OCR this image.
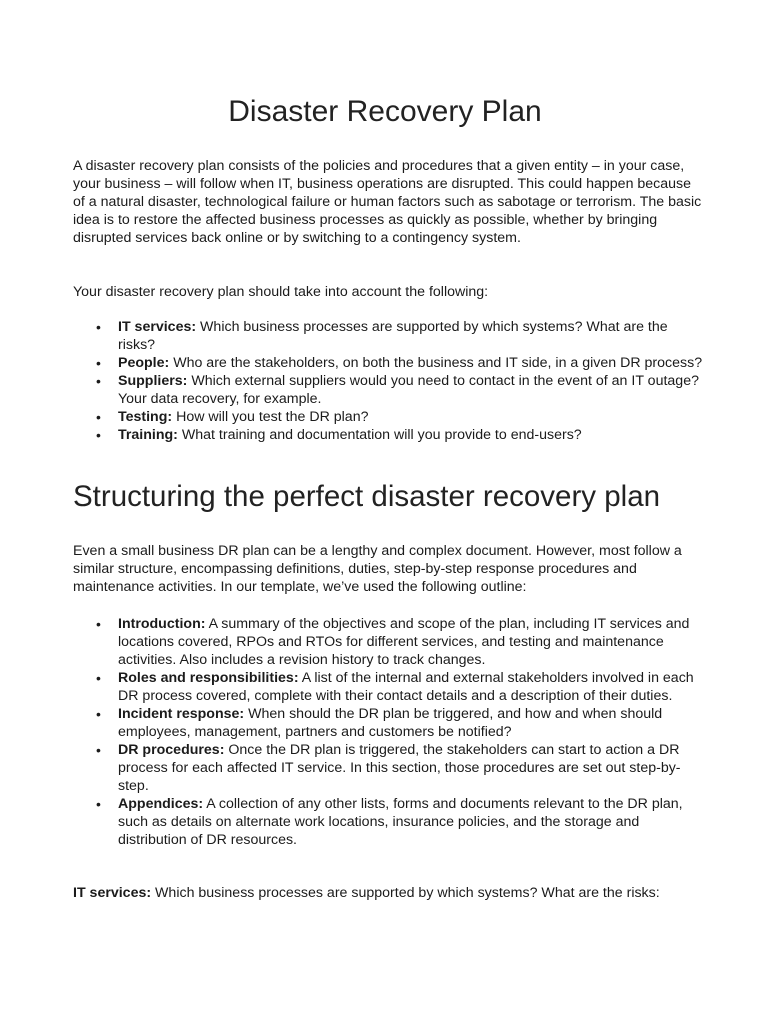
Disaster Recovery Plan

A disaster recovery plan consists of the policies and procedures that a given entity – in your case, your business – will follow when IT, business operations are disrupted. This could happen because of a natural disaster, technological failure or human factors such as sabotage or terrorism. The basic idea is to restore the affected business processes as quickly as possible, whether by bringing disrupted services back online or by switching to a contingency system.

Your disaster recovery plan should take into account the following:

• IT services: Which business processes are supported by which systems? What are the risks?
• People: Who are the stakeholders, on both the business and IT side, in a given DR process?
• Suppliers: Which external suppliers would you need to contact in the event of an IT outage? Your data recovery, for example.
• Testing: How will you test the DR plan?
• Training: What training and documentation will you provide to end-users?
Structuring the perfect disaster recovery plan

Even a small business DR plan can be a lengthy and complex document. However, most follow a similar structure, encompassing definitions, duties, step-by-step response procedures and maintenance activities. In our template, we’ve used the following outline:

• Introduction: A summary of the objectives and scope of the plan, including IT services and locations covered, RPOs and RTOs for different services, and testing and maintenance activities. Also includes a revision history to track changes.
• Roles and responsibilities: A list of the internal and external stakeholders involved in each DR process covered, complete with their contact details and a description of their duties.
• Incident response: When should the DR plan be triggered, and how and when should employees, management, partners and customers be notified?
• DR procedures: Once the DR plan is triggered, the stakeholders can start to action a DR process for each affected IT service. In this section, those procedures are set out step-by-step.
• Appendices: A collection of any other lists, forms and documents relevant to the DR plan, such as details on alternate work locations, insurance policies, and the storage and distribution of DR resources.

IT services: Which business processes are supported by which systems? What are the risks:
